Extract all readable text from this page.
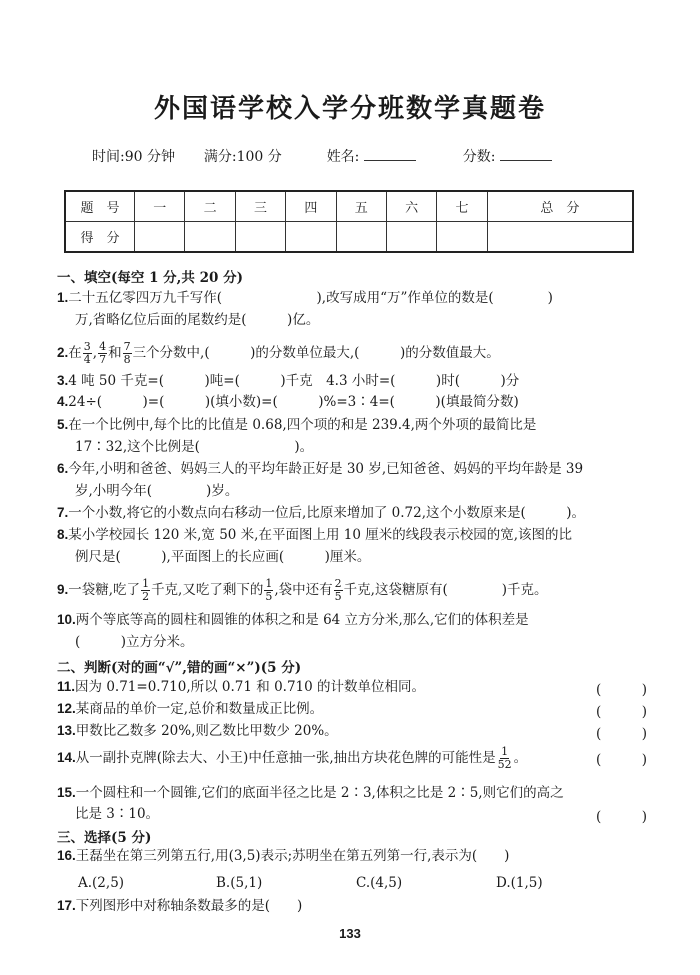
外国语学校入学分班数学真题卷
时间:90 分钟 满分:100 分	姓名:	分数:
题　号	一	二	三	四	五	六	七	总　分
得　分								
一、填空(每空 1 分,共 20 分)
1.二十五亿零四万九千写作(　　　　　　　),改写成用“万”作单位的数是(　　　　)
万,省略亿位后面的尾数约是(　　　)亿。
2.在 $\frac{3}{4}$ , $\frac{4}{7}$ 和 $\frac{7}{8}$ 三个分数中,(　　　)的分数单位最大,(　　　)的分数值最大。
3.4 吨 50 千克=(　　　)吨=(　　　)千克　4.3 小时=(　　　)时(　　　)分
4.24÷(　　　)=(　　　)(填小数)=(　　　)%=3∶4=(　　　)(填最简分数)
5.在一个比例中,每个比的比值是 0.68,四个项的和是 239.4,两个外项的最简比是
17∶32,这个比例是(　　　　　　　)。
6.今年,小明和爸爸、妈妈三人的平均年龄正好是 30 岁,已知爸爸、妈妈的平均年龄是 39
岁,小明今年(　　　　)岁。
7.一个小数,将它的小数点向右移动一位后,比原来增加了 0.72,这个小数原来是(　　　)。
8.某小学校园长 120 米,宽 50 米,在平面图上用 10 厘米的线段表示校园的宽,该图的比
例尺是(　　　),平面图上的长应画(　　　)厘米。
9.一袋糖,吃了 $\frac{1}{2}$ 千克,又吃了剩下的 $\frac{1}{5}$ ,袋中还有 $\frac{2}{5}$ 千克,这袋糖原有(　　　　)千克。
10.两个等底等高的圆柱和圆锥的体积之和是 64 立方分米,那么,它们的体积差是
(　　　)立方分米。
二、判断(对的画“√”,错的画“×”)(5 分)
11.因为 0.71=0.710,所以 0.71 和 0.710 的计数单位相同。	(　　　)
12.某商品的单价一定,总价和数量成正比例。	(　　　)
13.甲数比乙数多 20%,则乙数比甲数少 20%。	(　　　)
14.从一副扑克牌(除去大、小王)中任意抽一张,抽出方块花色牌的可能性是 $\frac{1}{52}$ 。	(　　　)
15.一个圆柱和一个圆锥,它们的底面半径之比是 2∶3,体积之比是 2∶5,则它们的高之
比是 3∶10。	(　　　)
三、选择(5 分)
16.王磊坐在第三列第五行,用(3,5)表示;苏明坐在第五列第一行,表示为(　　)
A.(2,5)	B.(5,1)	C.(4,5)	D.(1,5)
17.下列图形中对称轴条数最多的是(　　)
133
